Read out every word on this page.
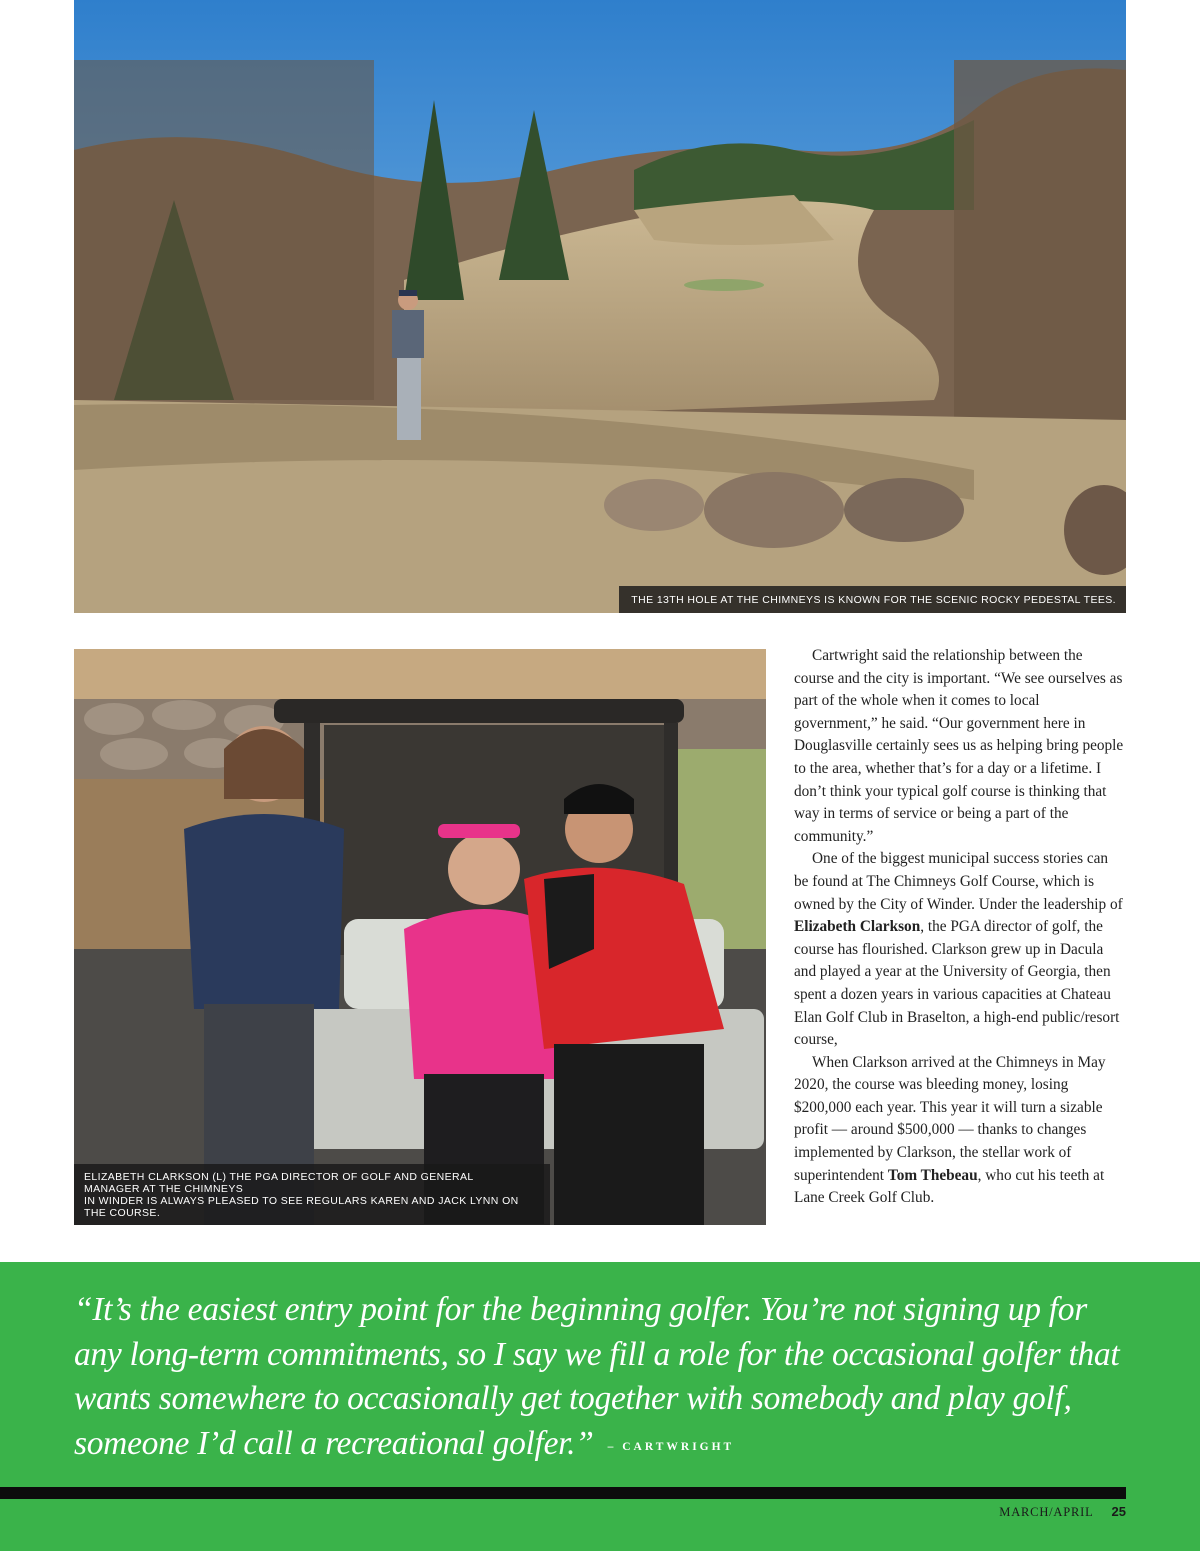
THE 13TH HOLE AT THE CHIMNEYS IS KNOWN FOR THE SCENIC ROCKY PEDESTAL TEES.
ELIZABETH CLARKSON (L) THE PGA DIRECTOR OF GOLF AND GENERAL MANAGER AT THE CHIMNEYS
IN WINDER IS ALWAYS PLEASED TO SEE REGULARS KAREN AND JACK LYNN ON THE COURSE.

Cartwright said the relationship between the course and the city is important. “We see ourselves as part of the whole when it comes to local government,” he said. “Our government here in Douglasville certainly sees us as helping bring people to the area, whether that’s for a day or a lifetime. I don’t think your typical golf course is thinking that way in terms of service or being a part of the community.”

One of the biggest municipal success stories can be found at The Chimneys Golf Course, which is owned by the City of Winder. Under the leadership of Elizabeth Clarkson, the PGA director of golf, the course has flourished. Clarkson grew up in Dacula and played a year at the University of Georgia, then spent a dozen years in various capacities at Chateau Elan Golf Club in Braselton, a high-end public/resort course,

When Clarkson arrived at the Chimneys in May 2020, the course was bleeding money, losing $200,000 each year. This year it will turn a sizable profit — around $500,000 — thanks to changes implemented by Clarkson, the stellar work of superintendent Tom Thebeau, who cut his teeth at Lane Creek Golf Club.

“It’s the easiest entry point for the beginning golfer. You’re not signing up for any long-term commitments, so I say we fill a role for the occasional golfer that wants somewhere to occasionally get together with somebody and play golf, someone I’d call a recreational golfer.” – CARTWRIGHT
MARCH/APRIL 25
